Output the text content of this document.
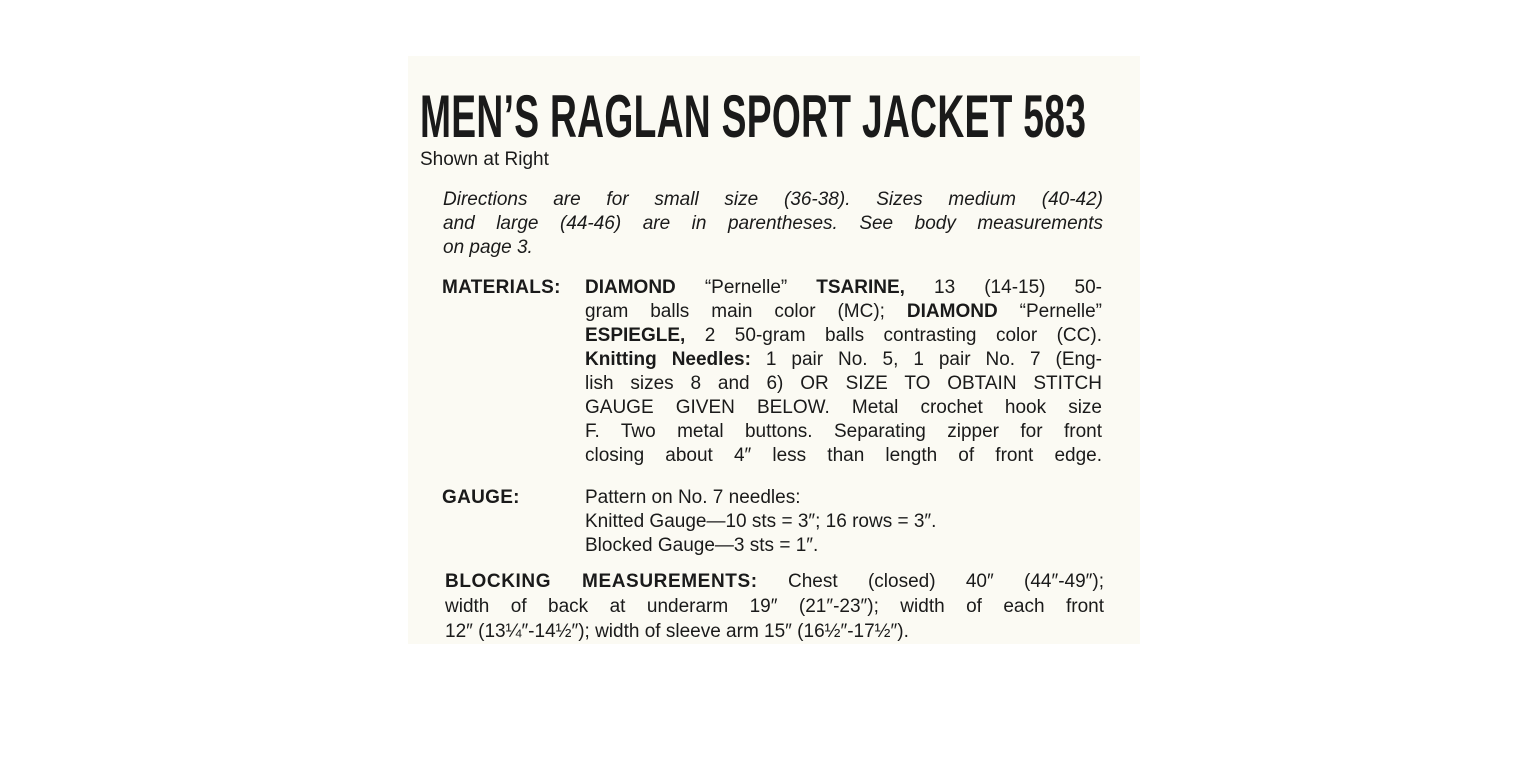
MEN’S RAGLAN SPORT JACKET 583
Shown at Right
Directions are for small size (36-38). Sizes medium (40-42)
and large (44-46) are in parentheses. See body measurements
on page 3.
MATERIALS: DIAMOND “Pernelle” TSARINE, 13 (14-15) 50-
gram balls main color (MC); DIAMOND “Pernelle”
ESPIEGLE, 2 50-gram balls contrasting color (CC).
Knitting Needles: 1 pair No. 5, 1 pair No. 7 (Eng-
lish sizes 8 and 6) OR SIZE TO OBTAIN STITCH
GAUGE GIVEN BELOW. Metal crochet hook size
F. Two metal buttons. Separating zipper for front
closing about 4″ less than length of front edge.
GAUGE:	Pattern on No. 7 needles:
Knitted Gauge—10 sts = 3″; 16 rows = 3″.
Blocked Gauge—3 sts = 1″.
BLOCKING MEASUREMENTS: Chest (closed) 40″ (44″-49″);
width of back at underarm 19″ (21″-23″); width of each front
12″ (13¼″-14½″); width of sleeve arm 15″ (16½″-17½″).
